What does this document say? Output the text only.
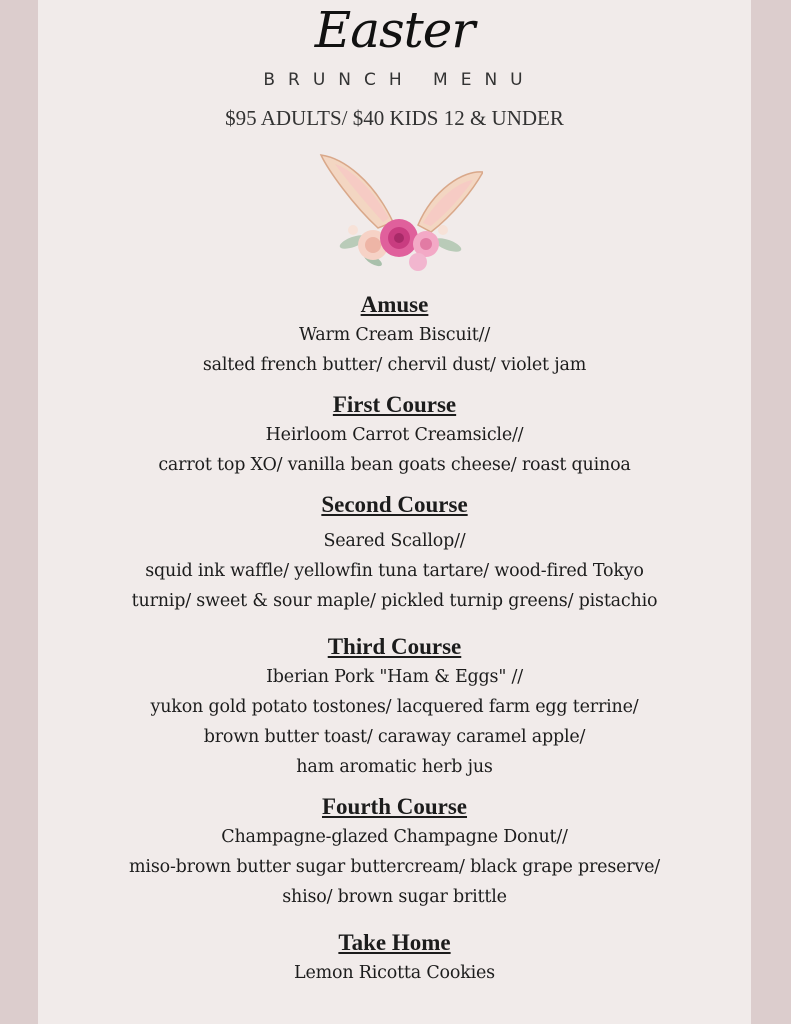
Easter
BRUNCH MENU
$95 ADULTS/ $40 KIDS 12 & UNDER
Amuse
Warm Cream Biscuit//
salted french butter/ chervil dust/ violet jam
First Course
Heirloom Carrot Creamsicle//
carrot top XO/ vanilla bean goats cheese/ roast quinoa
Second Course
Seared Scallop//
squid ink waffle/ yellowfin tuna tartare/ wood-fired Tokyo
turnip/ sweet & sour maple/ pickled turnip greens/ pistachio
Third Course
Iberian Pork "Ham & Eggs" //
yukon gold potato tostones/ lacquered farm egg terrine/
brown butter toast/ caraway caramel apple/
ham aromatic herb jus
Fourth Course
Champagne-glazed Champagne Donut//
miso-brown butter sugar buttercream/ black grape preserve/
shiso/ brown sugar brittle
Take Home
Lemon Ricotta Cookies
